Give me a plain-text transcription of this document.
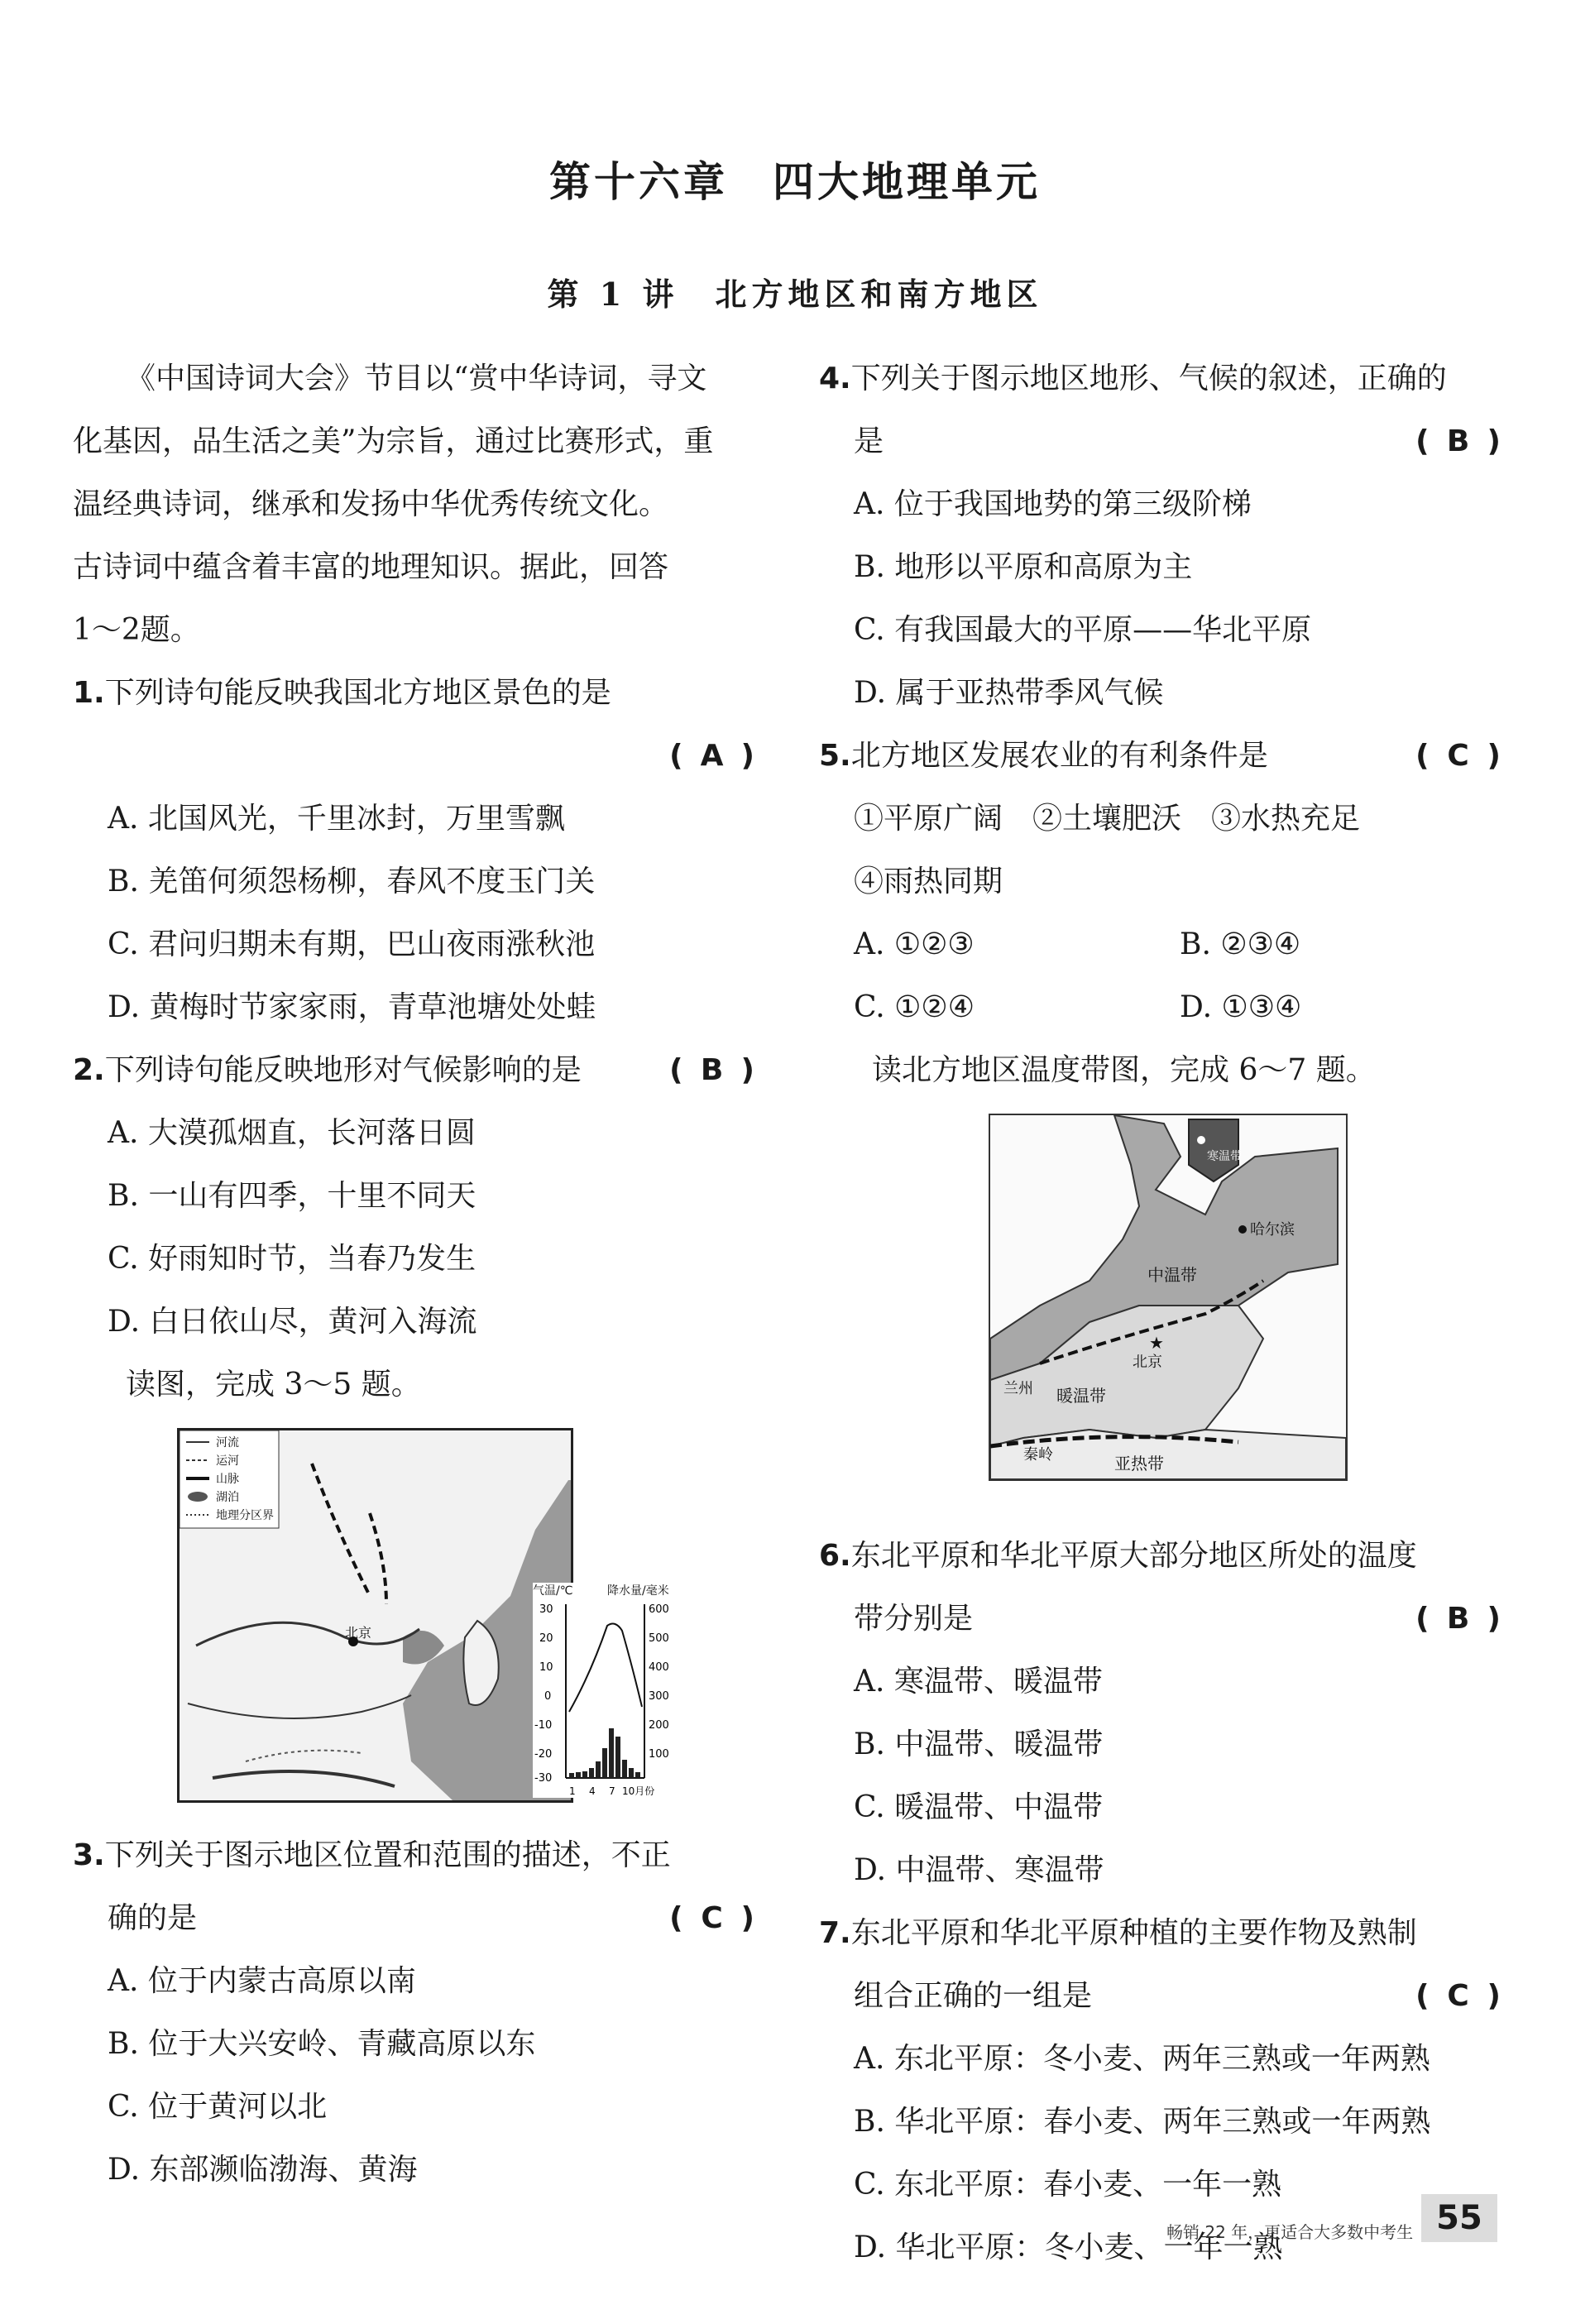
第十六章　四大地理单元
第 1 讲　北方地区和南方地区
《中国诗词大会》节目以“赏中华诗词，寻文
化基因，品生活之美”为宗旨，通过比赛形式，重
温经典诗词，继承和发扬中华优秀传统文化。
古诗词中蕴含着丰富的地理知识。据此，回答
1～2题。
1.下列诗句能反映我国北方地区景色的是
( A )
A. 北国风光，千里冰封，万里雪飘
B. 羌笛何须怨杨柳，春风不度玉门关
C. 君问归期未有期，巴山夜雨涨秋池
D. 黄梅时节家家雨，青草池塘处处蛙
2.下列诗句能反映地形对气候影响的是	( B )
A. 大漠孤烟直，长河落日圆
B. 一山有四季，十里不同天
C. 好雨知时节，当春乃发生
D. 白日依山尽，黄河入海流
读图，完成 3～5 题。
北京
河流
运河
山脉
湖泊
地理分区界
气温/℃	降水量/毫米
30
20
10
0
-10
-20
-30
600
500
400
300
200
100
1 4 7 10月份
3.下列关于图示地区位置和范围的描述，不正
确的是	( C )
A. 位于内蒙古高原以南
B. 位于大兴安岭、青藏高原以东
C. 位于黄河以北
D. 东部濒临渤海、黄海
4.下列关于图示地区地形、气候的叙述，正确的
是	( B )
A. 位于我国地势的第三级阶梯
B. 地形以平原和高原为主
C. 有我国最大的平原——华北平原
D. 属于亚热带季风气候
5.北方地区发展农业的有利条件是	( C )
①平原广阔　②土壤肥沃　③水热充足
④雨热同期
A. ①②③	B. ②③④
C. ①②④	D. ①③④
读北方地区温度带图，完成 6～7 题。
寒温带
哈尔滨
中温带
★
北京
兰州 暖温带
秦岭	亚热带
6.东北平原和华北平原大部分地区所处的温度
带分别是	( B )
A. 寒温带、暖温带
B. 中温带、暖温带
C. 暖温带、中温带
D. 中温带、寒温带
7.东北平原和华北平原种植的主要作物及熟制
组合正确的一组是	( C )
A. 东北平原：冬小麦、两年三熟或一年两熟
B. 华北平原：春小麦、两年三熟或一年两熟
C. 东北平原：春小麦、一年一熟
D. 华北平原：冬小麦、一年一熟
畅销 22 年，更适合大多数中考生 55
